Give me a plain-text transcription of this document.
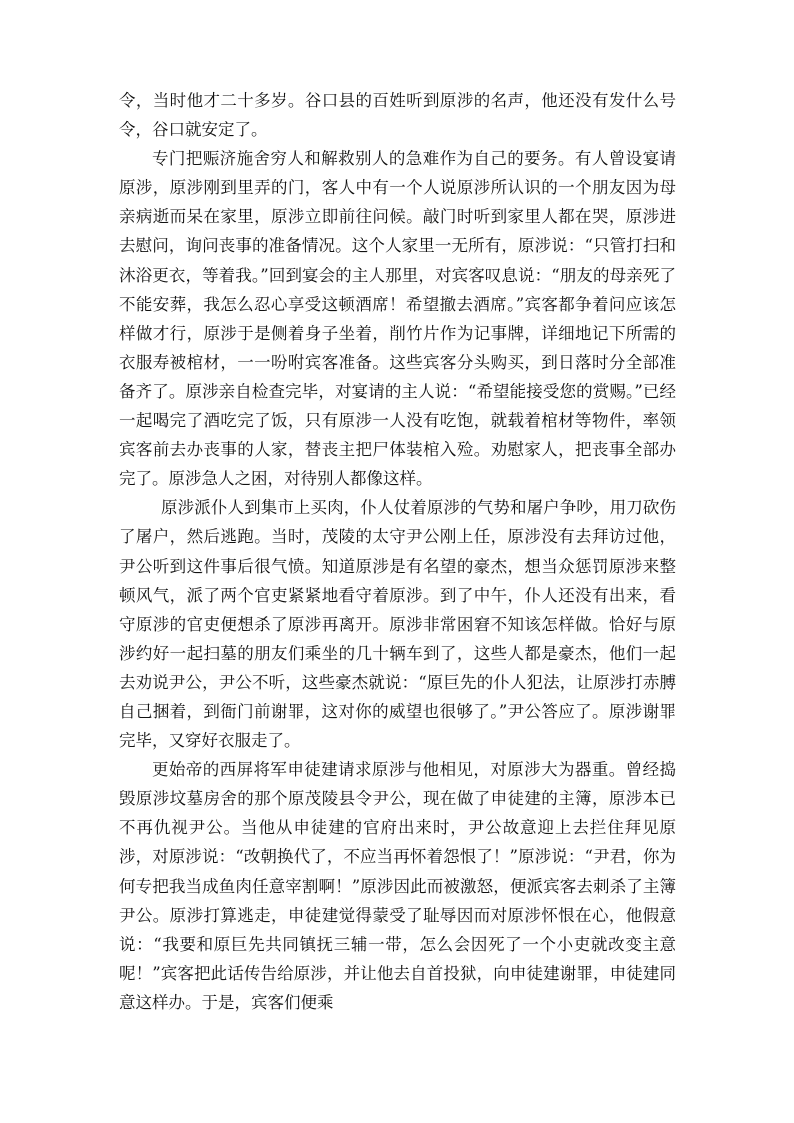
令，当时他才二十多岁。谷口县的百姓听到原涉的名声，他还没有发什么号令，谷口就安定了。

专门把赈济施舍穷人和解救别人的急难作为自己的要务。有人曾设宴请原涉，原涉刚到里弄的门，客人中有一个人说原涉所认识的一个朋友因为母亲病逝而呆在家里，原涉立即前往问候。敲门时听到家里人都在哭，原涉进去慰问，询问丧事的准备情况。这个人家里一无所有，原涉说：“只管打扫和沐浴更衣，等着我。”回到宴会的主人那里，对宾客叹息说：“朋友的母亲死了不能安葬，我怎么忍心享受这顿酒席！希望撤去酒席。”宾客都争着问应该怎样做才行，原涉于是侧着身子坐着，削竹片作为记事牌，详细地记下所需的衣服寿被棺材，一一吩咐宾客准备。这些宾客分头购买，到日落时分全部准备齐了。原涉亲自检查完毕，对宴请的主人说：“希望能接受您的赏赐。”已经一起喝完了酒吃完了饭，只有原涉一人没有吃饱，就载着棺材等物件，率领宾客前去办丧事的人家，替丧主把尸体装棺入殓。劝慰家人，把丧事全部办完了。原涉急人之困，对待别人都像这样。

原涉派仆人到集市上买肉，仆人仗着原涉的气势和屠户争吵，用刀砍伤了屠户，然后逃跑。当时，茂陵的太守尹公刚上任，原涉没有去拜访过他，尹公听到这件事后很气愤。知道原涉是有名望的豪杰，想当众惩罚原涉来整顿风气，派了两个官吏紧紧地看守着原涉。到了中午，仆人还没有出来，看守原涉的官吏便想杀了原涉再离开。原涉非常困窘不知该怎样做。恰好与原涉约好一起扫墓的朋友们乘坐的几十辆车到了，这些人都是豪杰，他们一起去劝说尹公，尹公不听，这些豪杰就说：“原巨先的仆人犯法，让原涉打赤膊自己捆着，到衙门前谢罪，这对你的威望也很够了。”尹公答应了。原涉谢罪完毕，又穿好衣服走了。

更始帝的西屏将军申徒建请求原涉与他相见，对原涉大为器重。曾经捣毁原涉坟墓房舍的那个原茂陵县令尹公，现在做了申徒建的主簿，原涉本已不再仇视尹公。当他从申徒建的官府出来时，尹公故意迎上去拦住拜见原涉，对原涉说：“改朝换代了，不应当再怀着怨恨了！”原涉说：“尹君，你为何专把我当成鱼肉任意宰割啊！”原涉因此而被激怒，便派宾客去刺杀了主簿尹公。原涉打算逃走，申徒建觉得蒙受了耻辱因而对原涉怀恨在心，他假意说：“我要和原巨先共同镇抚三辅一带，怎么会因死了一个小吏就改变主意呢！”宾客把此话传告给原涉，并让他去自首投狱，向申徒建谢罪，申徒建同意这样办。于是，宾客们便乘
